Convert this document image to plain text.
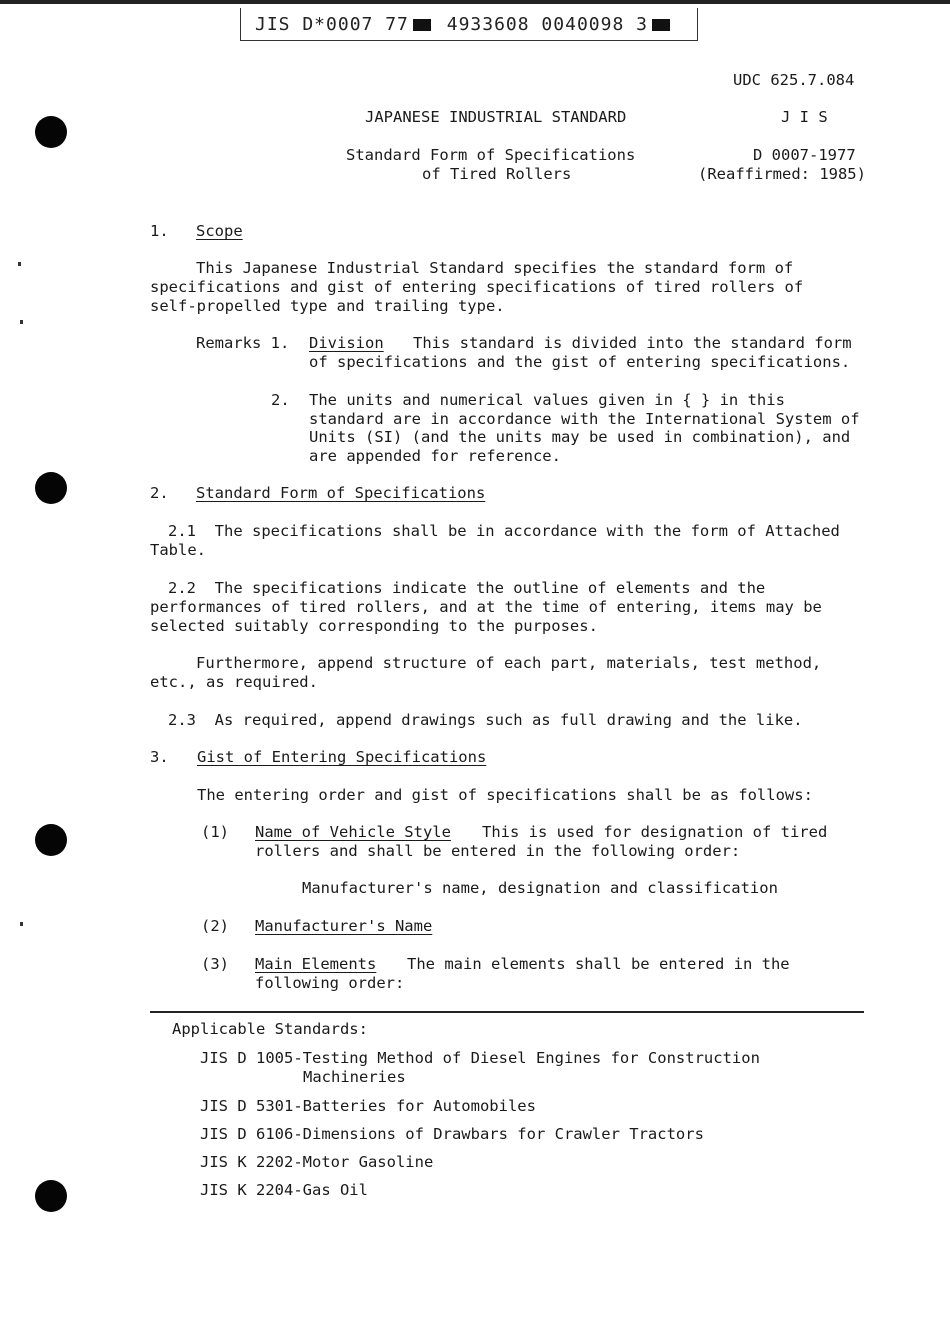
JIS D*0007 77 4933608 0040098 3
UDC 625.7.084
JAPANESE INDUSTRIAL STANDARD	J I S
Standard Form of Specifications
of Tired Rollers
D 0007-1977
(Reaffirmed: 1985)
1. Scope
This Japanese Industrial Standard specifies the standard form of
specifications and gist of entering specifications of tired rollers of
self-propelled type and trailing type.
Remarks 1. Division This standard is divided into the standard form
of specifications and the gist of entering specifications.
2. The units and numerical values given in { } in this
standard are in accordance with the International System of
Units (SI) (and the units may be used in combination), and
are appended for reference.
2. Standard Form of Specifications
2.1  The specifications shall be in accordance with the form of Attached
Table.
2.2  The specifications indicate the outline of elements and the
performances of tired rollers, and at the time of entering, items may be
selected suitably corresponding to the purposes.
Furthermore, append structure of each part, materials, test method,
etc., as required.
2.3  As required, append drawings such as full drawing and the like.
3. Gist of Entering Specifications
The entering order and gist of specifications shall be as follows:
(1) Name of Vehicle Style This is used for designation of tired
rollers and shall be entered in the following order:
Manufacturer's name, designation and classification
(2) Manufacturer's Name
(3) Main Elements The main elements shall be entered in the
following order:
Applicable Standards:
JIS D 1005-Testing Method of Diesel Engines for Construction
Machineries
JIS D 5301-Batteries for Automobiles
JIS D 6106-Dimensions of Drawbars for Crawler Tractors
JIS K 2202-Motor Gasoline
JIS K 2204-Gas Oil
